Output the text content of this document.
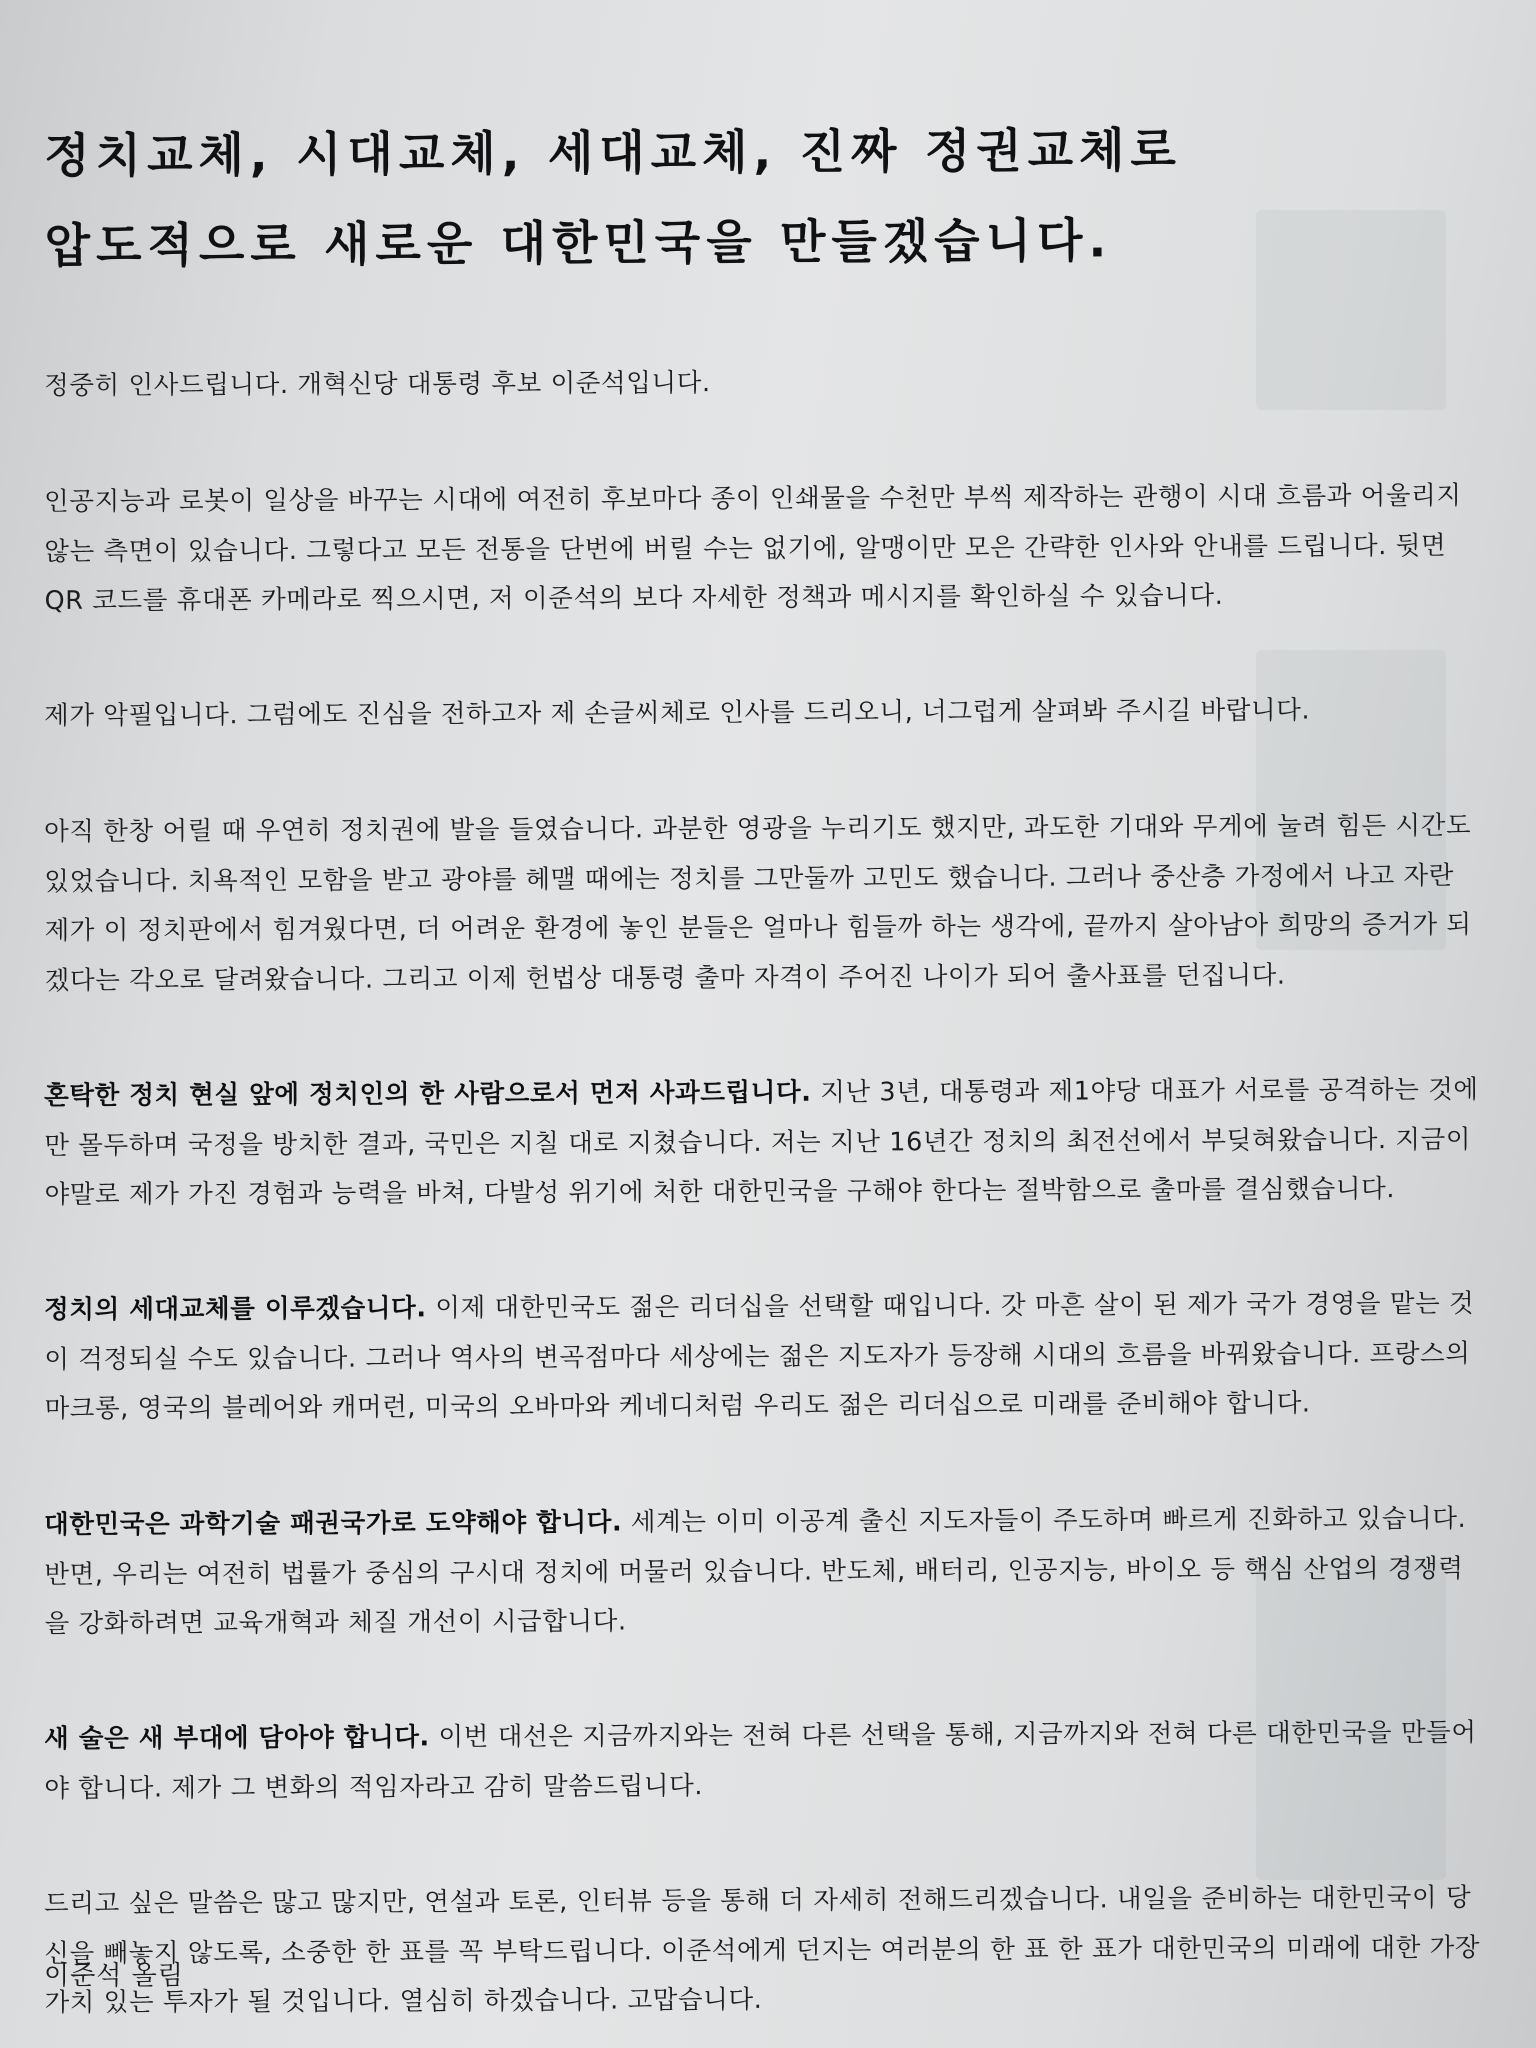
정치교체, 시대교체, 세대교체, 진짜 정권교체로
압도적으로 새로운 대한민국을 만들겠습니다.

정중히 인사드립니다. 개혁신당 대통령 후보 이준석입니다.

인공지능과 로봇이 일상을 바꾸는 시대에 여전히 후보마다 종이 인쇄물을 수천만 부씩 제작하는 관행이 시대 흐름과 어울리지 않는 측면이 있습니다. 그렇다고 모든 전통을 단번에 버릴 수는 없기에, 알맹이만 모은 간략한 인사와 안내를 드립니다. 뒷면 QR 코드를 휴대폰 카메라로 찍으시면, 저 이준석의 보다 자세한 정책과 메시지를 확인하실 수 있습니다.

제가 악필입니다. 그럼에도 진심을 전하고자 제 손글씨체로 인사를 드리오니, 너그럽게 살펴봐 주시길 바랍니다.

아직 한창 어릴 때 우연히 정치권에 발을 들였습니다. 과분한 영광을 누리기도 했지만, 과도한 기대와 무게에 눌려 힘든 시간도 있었습니다. 치욕적인 모함을 받고 광야를 헤맬 때에는 정치를 그만둘까 고민도 했습니다. 그러나 중산층 가정에서 나고 자란 제가 이 정치판에서 힘겨웠다면, 더 어려운 환경에 놓인 분들은 얼마나 힘들까 하는 생각에, 끝까지 살아남아 희망의 증거가 되겠다는 각오로 달려왔습니다. 그리고 이제 헌법상 대통령 출마 자격이 주어진 나이가 되어 출사표를 던집니다.

혼탁한 정치 현실 앞에 정치인의 한 사람으로서 먼저 사과드립니다. 지난 3년, 대통령과 제1야당 대표가 서로를 공격하는 것에만 몰두하며 국정을 방치한 결과, 국민은 지칠 대로 지쳤습니다. 저는 지난 16년간 정치의 최전선에서 부딪혀왔습니다. 지금이야말로 제가 가진 경험과 능력을 바쳐, 다발성 위기에 처한 대한민국을 구해야 한다는 절박함으로 출마를 결심했습니다.

정치의 세대교체를 이루겠습니다. 이제 대한민국도 젊은 리더십을 선택할 때입니다. 갓 마흔 살이 된 제가 국가 경영을 맡는 것이 걱정되실 수도 있습니다. 그러나 역사의 변곡점마다 세상에는 젊은 지도자가 등장해 시대의 흐름을 바꿔왔습니다. 프랑스의 마크롱, 영국의 블레어와 캐머런, 미국의 오바마와 케네디처럼 우리도 젊은 리더십으로 미래를 준비해야 합니다.

대한민국은 과학기술 패권국가로 도약해야 합니다. 세계는 이미 이공계 출신 지도자들이 주도하며 빠르게 진화하고 있습니다. 반면, 우리는 여전히 법률가 중심의 구시대 정치에 머물러 있습니다. 반도체, 배터리, 인공지능, 바이오 등 핵심 산업의 경쟁력을 강화하려면 교육개혁과 체질 개선이 시급합니다.

새 술은 새 부대에 담아야 합니다. 이번 대선은 지금까지와는 전혀 다른 선택을 통해, 지금까지와 전혀 다른 대한민국을 만들어야 합니다. 제가 그 변화의 적임자라고 감히 말씀드립니다.

드리고 싶은 말씀은 많고 많지만, 연설과 토론, 인터뷰 등을 통해 더 자세히 전해드리겠습니다. 내일을 준비하는 대한민국이 당신을 빼놓지 않도록, 소중한 한 표를 꼭 부탁드립니다. 이준석에게 던지는 여러분의 한 표 한 표가 대한민국의 미래에 대한 가장 가치 있는 투자가 될 것입니다. 열심히 하겠습니다. 고맙습니다.

이준석 올림
